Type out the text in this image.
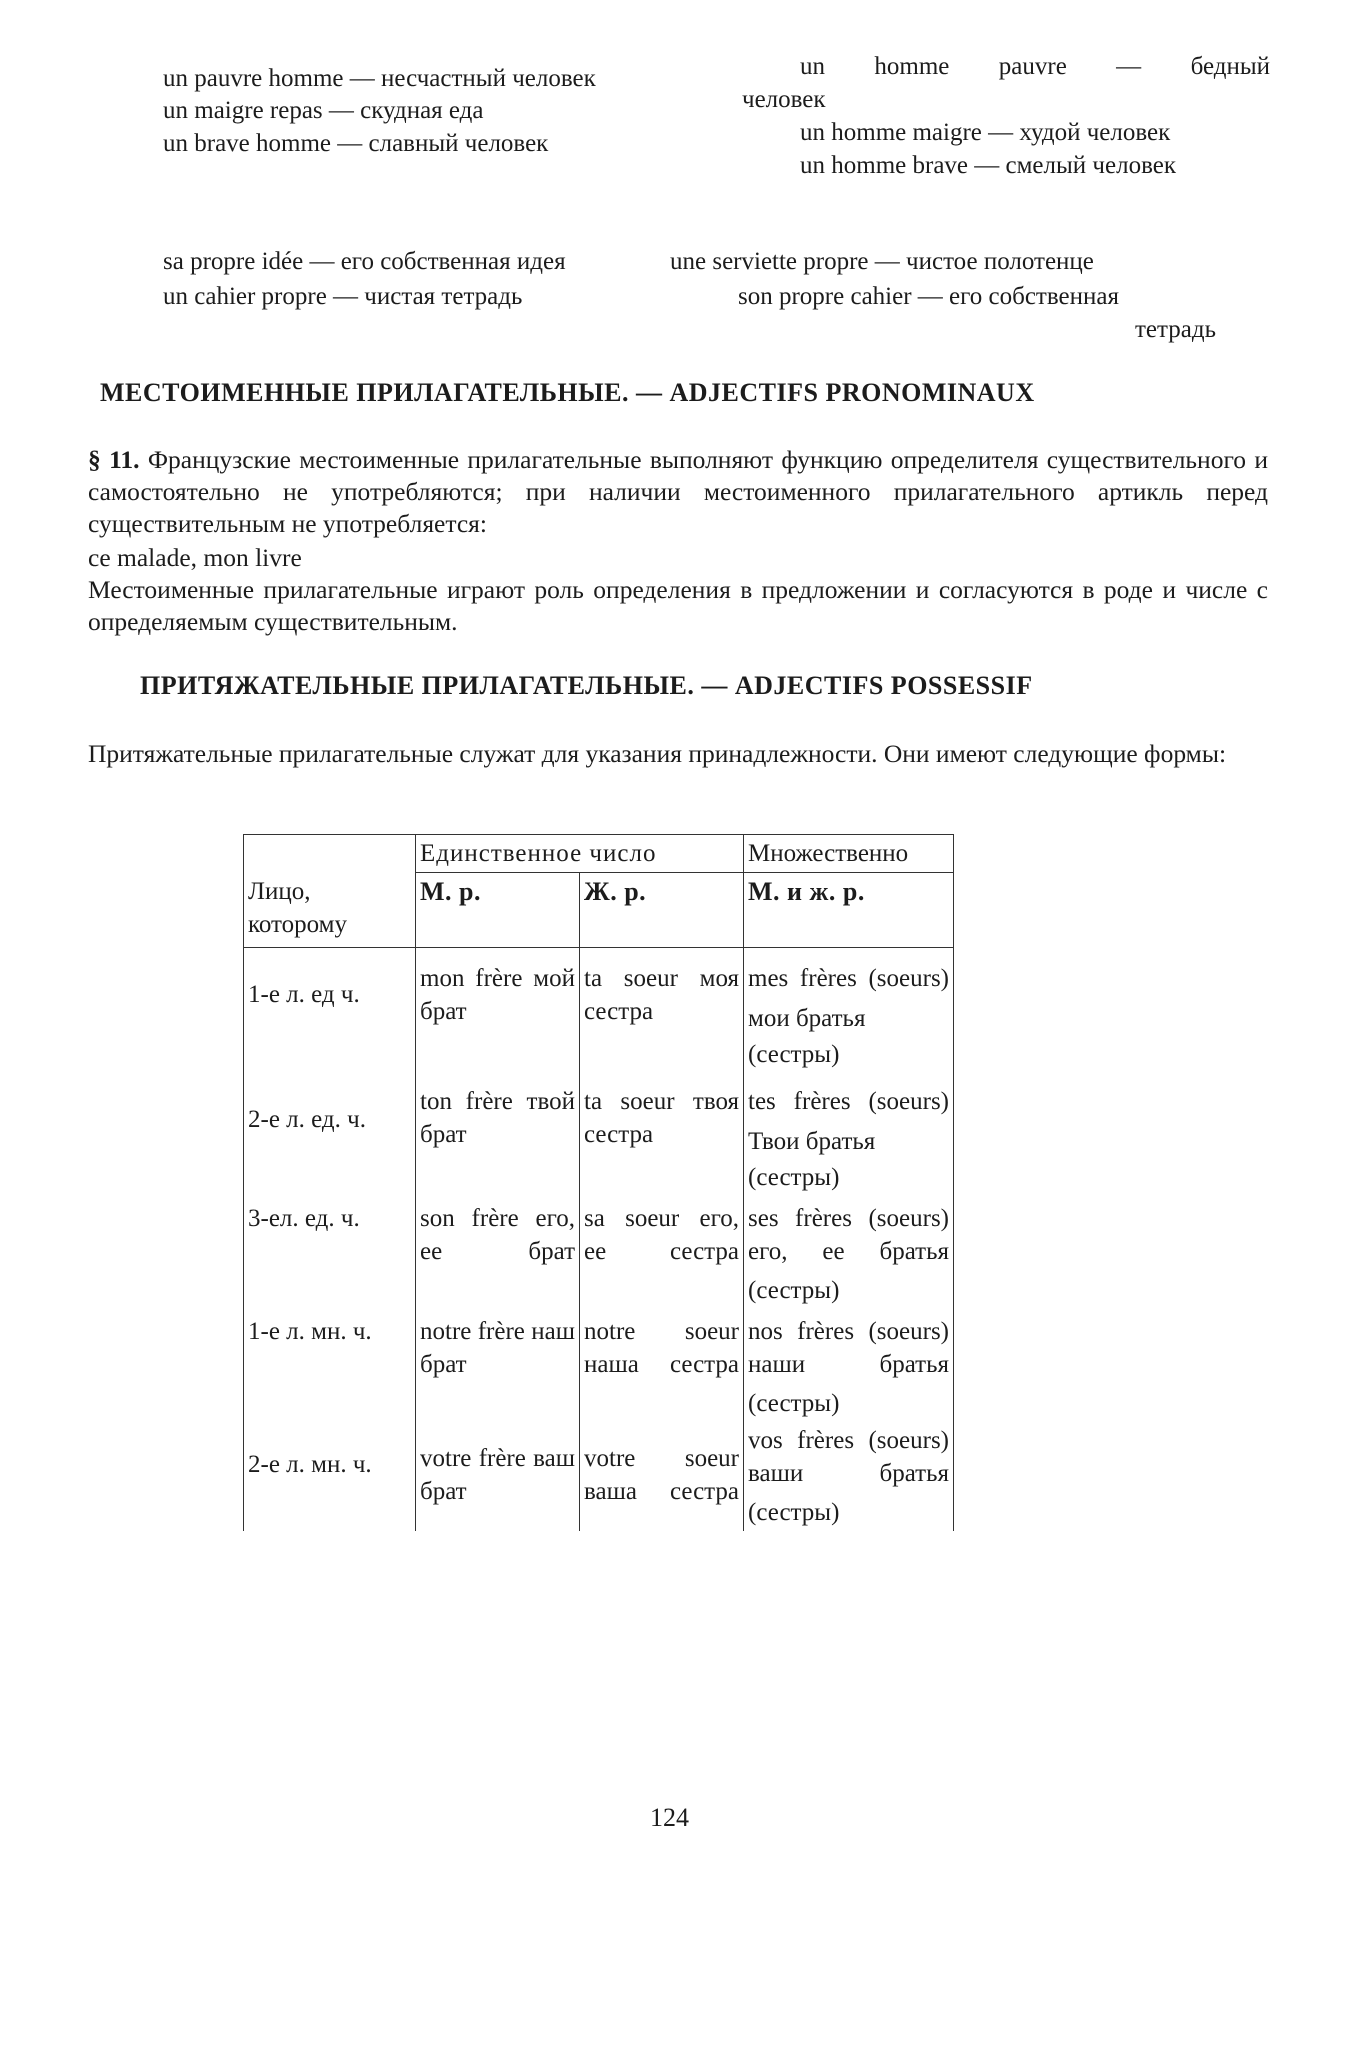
un pauvre homme — несчастный человек
un maigre repas — скудная еда
un brave homme — славный человек
un homme pauvre — бедный
человек
un homme maigre — худой человек
un homme brave — смелый человек
sa propre idée — его собственная идея	une serviette propre — чистое полотенце
un cahier propre — чистая тетрадь	son propre cahier — его собственная
тетрадь
МЕСТОИМЕННЫЕ ПРИЛАГАТЕЛЬНЫЕ. — ADJECTIFS PRONOMINAUX
§ 11. Французские местоименные прилагательные выполняют функцию определителя существительного и самостоятельно не употребляются; при наличии местоименного прилагательного артикль перед существительным не употребляется:
ce malade, mon livre
Местоименные прилагательные играют роль определения в предложении и согласуются в роде и числе с определяемым существительным.
ПРИТЯЖАТЕЛЬНЫЕ ПРИЛАГАТЕЛЬНЫЕ. — ADJECTIFS POSSESSIF
Притяжательные прилагательные служат для указания принадлежности. Они имеют следующие формы:
Лицо, которому	Единственное число		Множественно
	М. р.	Ж. р.	М. и ж. р.
1-е л. ед ч.	mon frère мой брат	ta soeur моя сестра	mes frères (soeurs)
мои братья (сестры)

2-е л. ед. ч.	ton frère твой брат	ta soeur твоя сестра	tes frères (soeurs)
Твои братья (сестры)

3-ел. ед. ч.	son frère его, ее брат	sa soeur его, ее сестра	ses frères (soeurs) его, ее братья
(сестры)

1-е л. мн. ч.	notre frère наш брат	notre soeur наша сестра	nos frères (soeurs) наши братья
(сестры)

2-е л. мн. ч.	votre frère ваш брат	votre soeur ваша сестра	vos frères (soeurs) ваши братья
(сестры)
124
